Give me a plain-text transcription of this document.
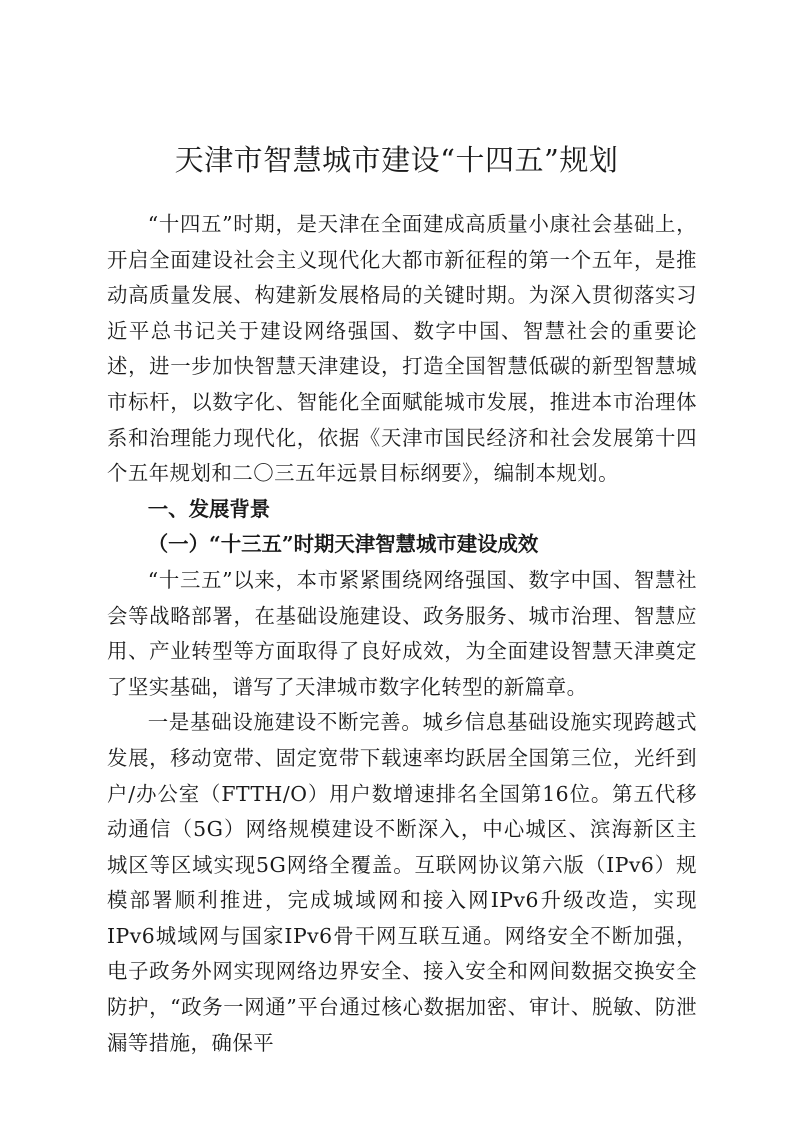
天津市智慧城市建设“十四五”规划

“十四五”时期，是天津在全面建成高质量小康社会基础上，开启全面建设社会主义现代化大都市新征程的第一个五年，是推动高质量发展、构建新发展格局的关键时期。为深入贯彻落实习近平总书记关于建设网络强国、数字中国、智慧社会的重要论述，进一步加快智慧天津建设，打造全国智慧低碳的新型智慧城市标杆，以数字化、智能化全面赋能城市发展，推进本市治理体系和治理能力现代化，依据《天津市国民经济和社会发展第十四个五年规划和二〇三五年远景目标纲要》，编制本规划。

一、发展背景

（一）“十三五”时期天津智慧城市建设成效

“十三五”以来，本市紧紧围绕网络强国、数字中国、智慧社会等战略部署，在基础设施建设、政务服务、城市治理、智慧应用、产业转型等方面取得了良好成效，为全面建设智慧天津奠定了坚实基础，谱写了天津城市数字化转型的新篇章。

一是基础设施建设不断完善。城乡信息基础设施实现跨越式发展，移动宽带、固定宽带下载速率均跃居全国第三位，光纤到户/办公室（FTTH/O）用户数增速排名全国第16位。第五代移动通信（5G）网络规模建设不断深入，中心城区、滨海新区主城区等区域实现5G网络全覆盖。互联网协议第六版（IPv6）规模部署顺利推进，完成城域网和接入网IPv6升级改造，实现IPv6城域网与国家IPv6骨干网互联互通。网络安全不断加强，电子政务外网实现网络边界安全、接入安全和网间数据交换安全防护，“政务一网通”平台通过核心数据加密、审计、脱敏、防泄漏等措施，确保平
